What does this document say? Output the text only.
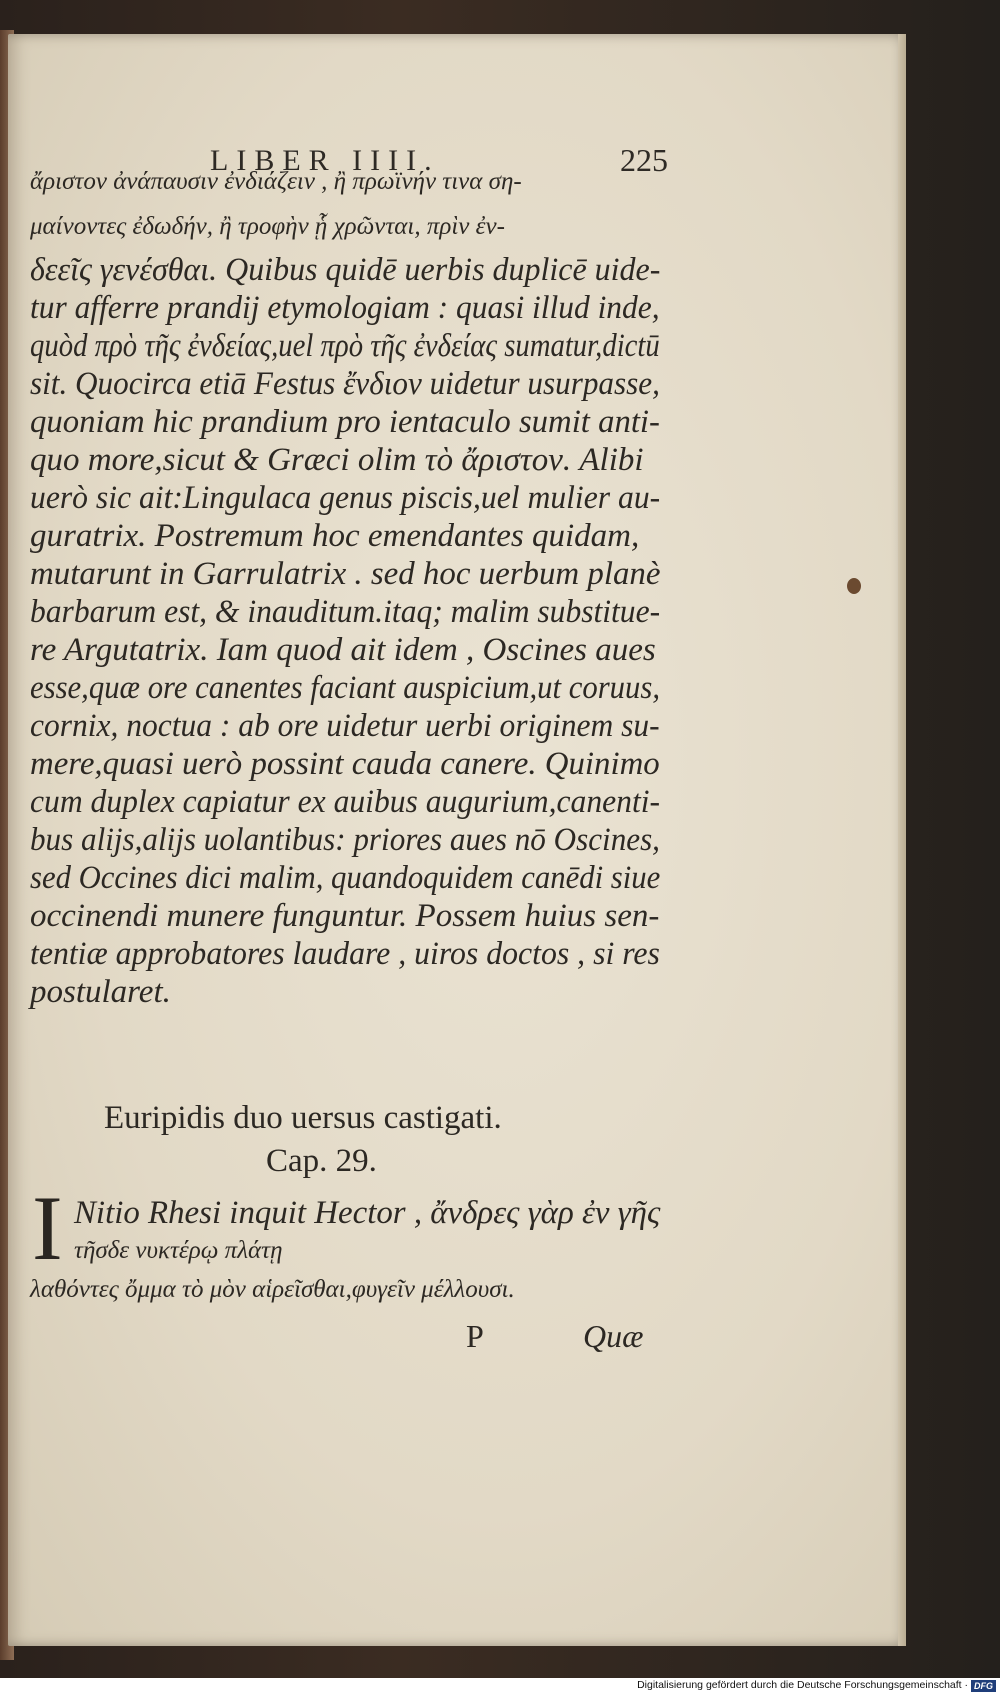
LIBER IIII.	225
ἄριστον ἀνάπαυσιν ἐνδιάζειν , ἢ πρωϊνήν τινα ση-
μαίνοντες ἐδωδήν, ἢ τροφὴν ᾗ χρῶνται, πρὶν ἐν-
δεεῖς γενέσθαι. Quibus quidē uerbis duplicē uide-
tur afferre prandij etymologiam : quasi illud inde,
quòd πρὸ τῆς ἐνδείας,uel πρὸ τῆς ἐνδείας sumatur,dictū
sit. Quocirca etiā Festus ἔνδιον uidetur usurpasse,
quoniam hic prandium pro ientaculo sumit anti-
quo more,sicut & Græci olim τὸ ἄριστον. Alibi
uerò sic ait:Lingulaca genus piscis,uel mulier au-
guratrix. Postremum hoc emendantes quidam,
mutarunt in Garrulatrix . sed hoc uerbum planè
barbarum est, & inauditum.itaq; malim substitue-
re Argutatrix. Iam quod ait idem , Oscines aues
esse,quæ ore canentes faciant auspicium,ut coruus,
cornix, noctua : ab ore uidetur uerbi originem su-
mere,quasi uerò possint cauda canere. Quinimo
cum duplex capiatur ex auibus augurium,canenti-
bus alijs,alijs uolantibus: priores aues nō Oscines,
sed Occines dici malim, quandoquidem canēdi siue
occinendi munere funguntur. Possem huius sen-
tentiæ approbatores laudare , uiros doctos , si res
postularet.
Euripidis duo uersus castigati.
Cap. 29.
I Nitio Rhesi inquit Hector , ἄνδρες γὰρ ἐν γῆς
τῆσδε νυκτέρῳ πλάτῃ
λαθόντες ὄμμα τὸ μὸν αἱρεῖσθαι,φυγεῖν μέλλουσι.
P	Quæ
Digitalisierung gefördert durch die Deutsche Forschungsgemeinschaft · DFG
